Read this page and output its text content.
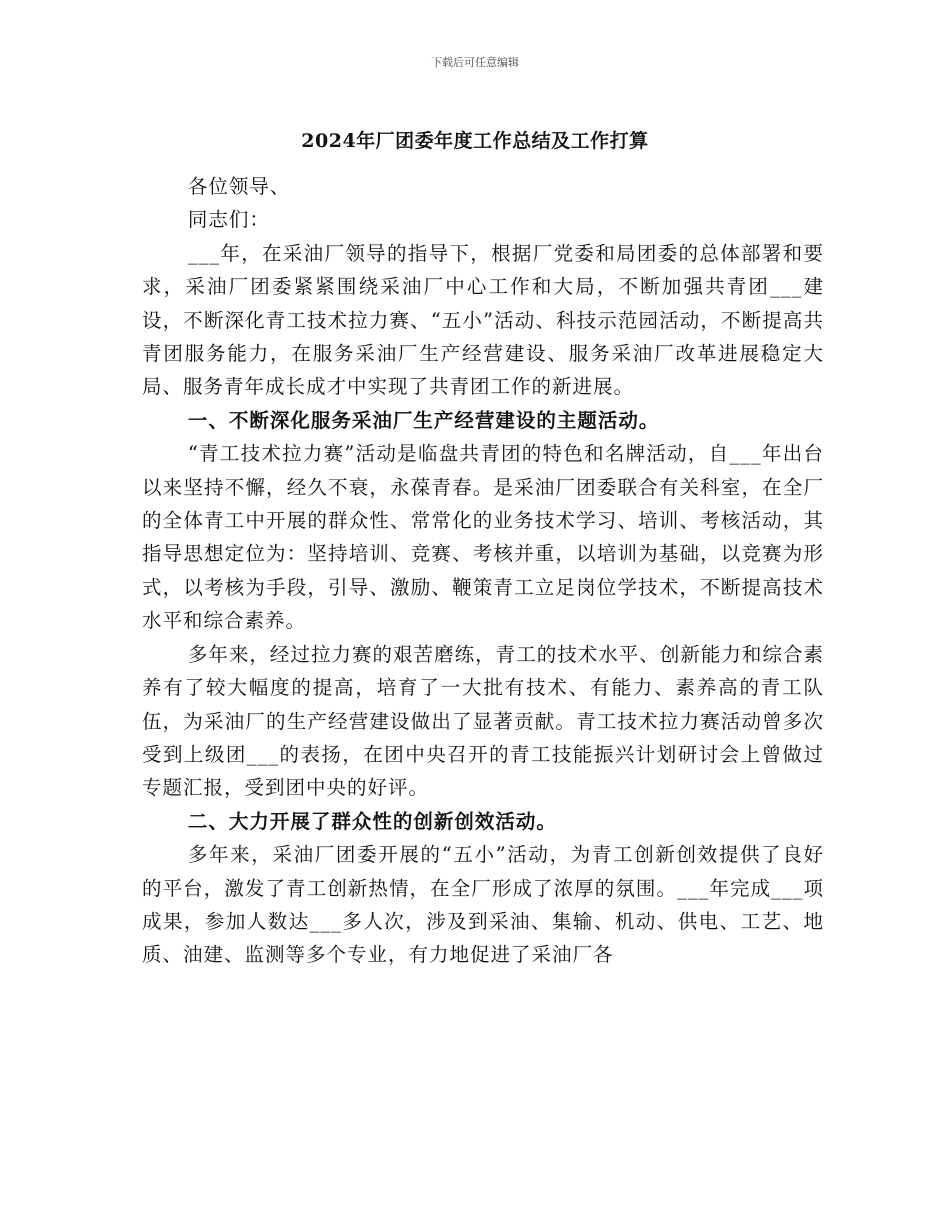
下载后可任意编辑
2024年厂团委年度工作总结及工作打算

各位领导、

同志们：

___年，在采油厂领导的指导下，根据厂党委和局团委的总体部署和要求，采油厂团委紧紧围绕采油厂中心工作和大局，不断加强共青团___建设，不断深化青工技术拉力赛、“五小”活动、科技示范园活动，不断提高共青团服务能力，在服务采油厂生产经营建设、服务采油厂改革进展稳定大局、服务青年成长成才中实现了共青团工作的新进展。

一、不断深化服务采油厂生产经营建设的主题活动。

“青工技术拉力赛”活动是临盘共青团的特色和名牌活动，自___年出台以来坚持不懈，经久不衰，永葆青春。是采油厂团委联合有关科室，在全厂的全体青工中开展的群众性、常常化的业务技术学习、培训、考核活动，其指导思想定位为：坚持培训、竞赛、考核并重，以培训为基础，以竞赛为形式，以考核为手段，引导、激励、鞭策青工立足岗位学技术，不断提高技术水平和综合素养。

多年来，经过拉力赛的艰苦磨练，青工的技术水平、创新能力和综合素养有了较大幅度的提高，培育了一大批有技术、有能力、素养高的青工队伍，为采油厂的生产经营建设做出了显著贡献。青工技术拉力赛活动曾多次受到上级团___的表扬，在团中央召开的青工技能振兴计划研讨会上曾做过专题汇报，受到团中央的好评。

二、大力开展了群众性的创新创效活动。

多年来，采油厂团委开展的“五小”活动，为青工创新创效提供了良好的平台，激发了青工创新热情，在全厂形成了浓厚的氛围。___年完成___项成果，参加人数达___多人次，涉及到采油、集输、机动、供电、工艺、地质、油建、监测等多个专业，有力地促进了采油厂各
